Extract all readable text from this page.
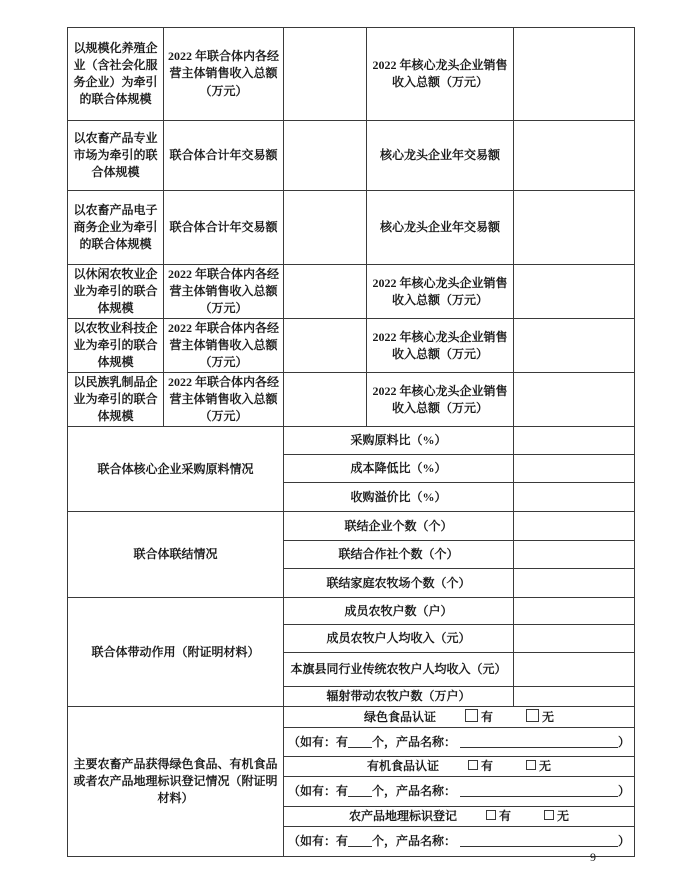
以规模化养殖企业（含社会化服务企业）为牵引的联合体规模	2022 年联合体内各经营主体销售收入总额（万元）		2022 年核心龙头企业销售收入总额（万元）	
以农畜产品专业市场为牵引的联合体规模	联合体合计年交易额		核心龙头企业年交易额	
以农畜产品电子商务企业为牵引的联合体规模	联合体合计年交易额		核心龙头企业年交易额	
以休闲农牧业企业为牵引的联合体规模	2022 年联合体内各经营主体销售收入总额（万元）		2022 年核心龙头企业销售收入总额（万元）	
以农牧业科技企业为牵引的联合体规模	2022 年联合体内各经营主体销售收入总额（万元）		2022 年核心龙头企业销售收入总额（万元）	
以民族乳制品企业为牵引的联合体规模	2022 年联合体内各经营主体销售收入总额（万元）		2022 年核心龙头企业销售收入总额（万元）	
联合体核心企业采购原料情况		采购原料比（%）		
		成本降低比（%）		
		收购溢价比（%）		
联合体联结情况		联结企业个数（个）		
		联结合作社个数（个）		
		联结家庭农牧场个数（个）		
联合体带动作用（附证明材料）		成员农牧户数（户）		
		成员农牧户人均收入（元）		
		本旗县同行业传统农牧户人均收入（元）		
		辐射带动农牧户数（万户）		
主要农畜产品获得绿色食品、有机食品或者农产品地理标识登记情况（附证明材料）		绿色食品认证 有 无		
		（如有：有 个，产品名称： ）		
		有机食品认证 有 无		
		（如有：有 个，产品名称： ）		
		农产品地理标识登记 有 无		
		（如有：有 个，产品名称： ）		
9
